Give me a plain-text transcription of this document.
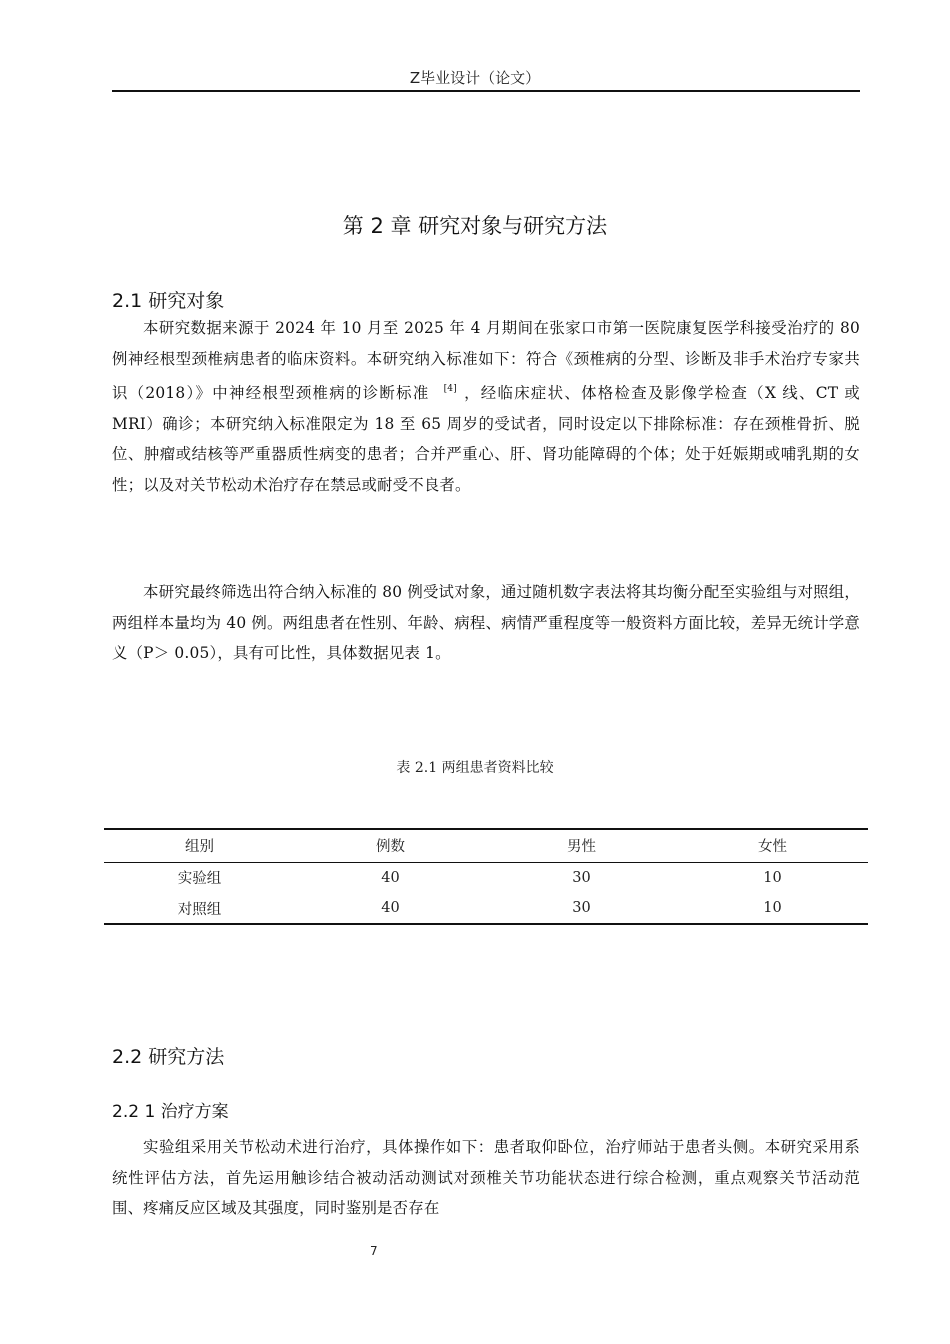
Z毕业设计（论文）
第 2 章 研究对象与研究方法
2.1 研究对象

本研究数据来源于 2024 年 10 月至 2025 年 4 月期间在张家口市第一医院康复医学科接受治疗的 80 例神经根型颈椎病患者的临床资料。本研究纳入标准如下：符合《颈椎病的分型、诊断及非手术治疗专家共识（2018）》中神经根型颈椎病的诊断标准 [4] ，经临床症状、体格检查及影像学检查（X 线、CT 或 MRI）确诊；本研究纳入标准限定为 18 至 65 周岁的受试者，同时设定以下排除标准：存在颈椎骨折、脱位、肿瘤或结核等严重器质性病变的患者；合并严重心、肝、肾功能障碍的个体；处于妊娠期或哺乳期的女性；以及对关节松动术治疗存在禁忌或耐受不良者。

本研究最终筛选出符合纳入标准的 80 例受试对象，通过随机数字表法将其均衡分配至实验组与对照组，两组样本量均为 40 例。两组患者在性别、年龄、病程、病情严重程度等一般资料方面比较，差异无统计学意义（P＞ 0.05），具有可比性，具体数据见表 1。

表 2.1 两组患者资料比较
组别	例数	男性	女性
实验组	40	30	10
对照组	40	30	10
2.2 研究方法
2.2 1 治疗方案

实验组采用关节松动术进行治疗，具体操作如下：患者取仰卧位，治疗师站于患者头侧。本研究采用系统性评估方法，首先运用触诊结合被动活动测试对颈椎关节功能状态进行综合检测，重点观察关节活动范围、疼痛反应区域及其强度，同时鉴别是否存在

7
